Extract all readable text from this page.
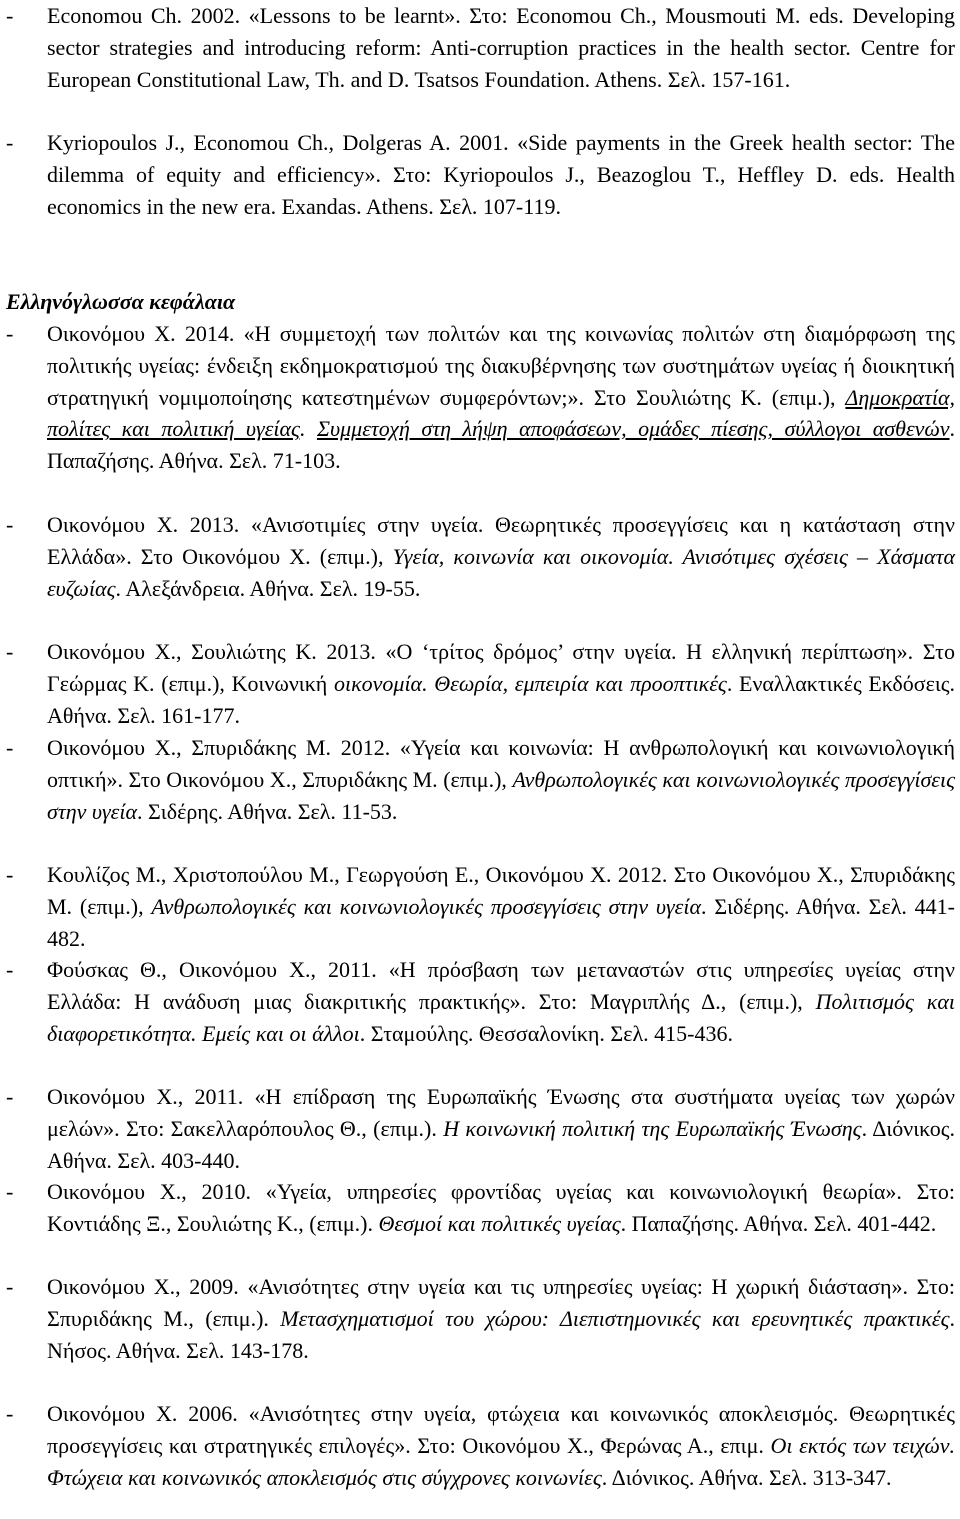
- Economou Ch. 2002. «Lessons to be learnt». Στο: Economou Ch., Mousmouti M. eds. Developing sector strategies and introducing reform: Anti-corruption practices in the health sector. Centre for European Constitutional Law, Th. and D. Tsatsos Foundation. Athens. Σελ. 157-161.
- Kyriopoulos J., Economou Ch., Dolgeras A. 2001. «Side payments in the Greek health sector: The dilemma of equity and efficiency». Στο: Kyriopoulos J., Beazoglou T., Heffley D. eds. Health economics in the new era. Exandas. Athens. Σελ. 107-119.
Ελληνόγλωσσα κεφάλαια
- Οικονόμου Χ. 2014. «Η συμμετοχή των πολιτών και της κοινωνίας πολιτών στη διαμόρφωση της πολιτικής υγείας: ένδειξη εκδημοκρατισμού της διακυβέρνησης των συστημάτων υγείας ή διοικητική στρατηγική νομιμοποίησης κατεστημένων συμφερόντων;». Στο Σουλιώτης Κ. (επιμ.), Δημοκρατία, πολίτες και πολιτική υγείας. Συμμετοχή στη λήψη αποφάσεων, ομάδες πίεσης, σύλλογοι ασθενών. Παπαζήσης. Αθήνα. Σελ. 71-103.
- Οικονόμου Χ. 2013. «Ανισοτιμίες στην υγεία. Θεωρητικές προσεγγίσεις και η κατάσταση στην Ελλάδα». Στο Οικονόμου Χ. (επιμ.), Υγεία, κοινωνία και οικονομία. Ανισότιμες σχέσεις – Χάσματα ευζωίας. Αλεξάνδρεια. Αθήνα. Σελ. 19-55.
- Οικονόμου Χ., Σουλιώτης Κ. 2013. «Ο ‘τρίτος δρόμος’ στην υγεία. Η ελληνική περίπτωση». Στο Γεώρμας Κ. (επιμ.), Κοινωνική οικονομία. Θεωρία, εμπειρία και προοπτικές. Εναλλακτικές Εκδόσεις. Αθήνα. Σελ. 161-177.
- Οικονόμου Χ., Σπυριδάκης Μ. 2012. «Υγεία και κοινωνία: Η ανθρωπολογική και κοινωνιολογική οπτική». Στο Οικονόμου Χ., Σπυριδάκης Μ. (επιμ.), Ανθρωπολογικές και κοινωνιολογικές προσεγγίσεις στην υγεία. Σιδέρης. Αθήνα. Σελ. 11-53.
- Κουλίζος Μ., Χριστοπούλου Μ., Γεωργούση Ε., Οικονόμου Χ. 2012. Στο Οικονόμου Χ., Σπυριδάκης Μ. (επιμ.), Ανθρωπολογικές και κοινωνιολογικές προσεγγίσεις στην υγεία. Σιδέρης. Αθήνα. Σελ. 441-482.
- Φούσκας Θ., Οικονόμου Χ., 2011. «Η πρόσβαση των μεταναστών στις υπηρεσίες υγείας στην Ελλάδα: Η ανάδυση μιας διακριτικής πρακτικής». Στο: Μαγριπλής Δ., (επιμ.), Πολιτισμός και διαφορετικότητα. Εμείς και οι άλλοι. Σταμούλης. Θεσσαλονίκη. Σελ. 415-436.
- Οικονόμου Χ., 2011. «Η επίδραση της Ευρωπαϊκής Ένωσης στα συστήματα υγείας των χωρών μελών». Στο: Σακελλαρόπουλος Θ., (επιμ.). Η κοινωνική πολιτική της Ευρωπαϊκής Ένωσης. Διόνικος. Αθήνα. Σελ. 403-440.
- Οικονόμου Χ., 2010. «Υγεία, υπηρεσίες φροντίδας υγείας και κοινωνιολογική θεωρία». Στο: Κοντιάδης Ξ., Σουλιώτης Κ., (επιμ.). Θεσμοί και πολιτικές υγείας. Παπαζήσης. Αθήνα. Σελ. 401-442.
- Οικονόμου Χ., 2009. «Ανισότητες στην υγεία και τις υπηρεσίες υγείας: Η χωρική διάσταση». Στο: Σπυριδάκης Μ., (επιμ.). Μετασχηματισμοί του χώρου: Διεπιστημονικές και ερευνητικές πρακτικές. Νήσος. Αθήνα. Σελ. 143-178.
- Οικονόμου Χ. 2006. «Ανισότητες στην υγεία, φτώχεια και κοινωνικός αποκλεισμός. Θεωρητικές προσεγγίσεις και στρατηγικές επιλογές». Στο: Οικονόμου Χ., Φερώνας Α., επιμ. Οι εκτός των τειχών. Φτώχεια και κοινωνικός αποκλεισμός στις σύγχρονες κοινωνίες. Διόνικος. Αθήνα. Σελ. 313-347.
